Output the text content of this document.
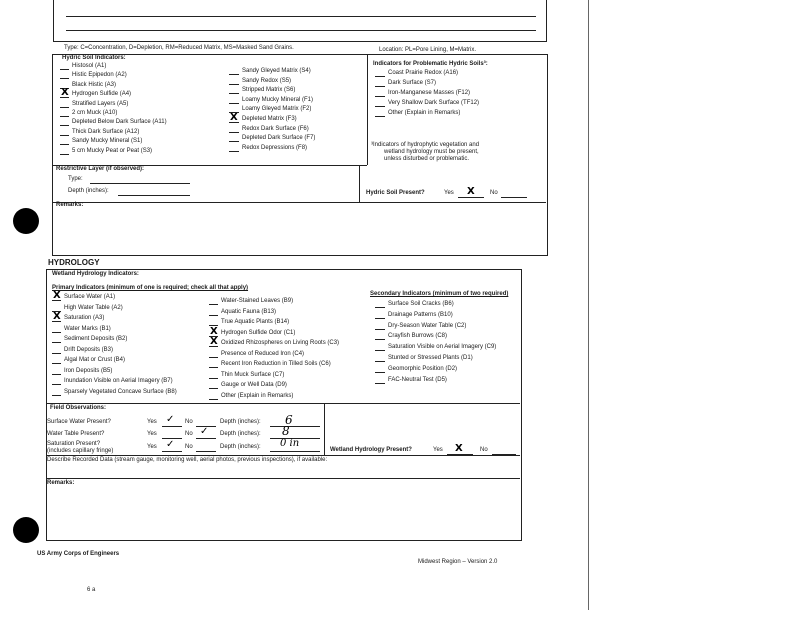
Type: C=Concentration, D=Depletion, RM=Reduced Matrix, MS=Masked Sand Grains.	Location: PL=Pore Lining, M=Matrix.
Hydric Soil Indicators:
Indicators for Problematic Hydric Soils³:
Histosol (A1)
Histic Epipedon (A2)
Black Histic (A3)
X Hydrogen Sulfide (A4)
Stratified Layers (A5)
2 cm Muck (A10)
Depleted Below Dark Surface (A11)
Thick Dark Surface (A12)
Sandy Mucky Mineral (S1)
5 cm Mucky Peat or Peat (S3)
Sandy Gleyed Matrix (S4)
Sandy Redox (S5)
Stripped Matrix (S6)
Loamy Mucky Mineral (F1)
Loamy Gleyed Matrix (F2)
X Depleted Matrix (F3)
Redox Dark Surface (F6)
Depleted Dark Surface (F7)
Redox Depressions (F8)
Coast Prairie Redox (A16)
Dark Surface (S7)
Iron-Manganese Masses (F12)
Very Shallow Dark Surface (TF12)
Other (Explain in Remarks)
³Indicators of hydrophytic vegetation and
wetland hydrology must be present,
unless disturbed or problematic.
Restrictive Layer (if observed):
Type:
Depth (inches):	Hydric Soil Present?	Yes X	No
Remarks:
HYDROLOGY
Wetland Hydrology Indicators:
Primary Indicators (minimum of one is required; check all that apply)
Secondary Indicators (minimum of two required)
X Surface Water (A1)
High Water Table (A2)
X Saturation (A3)
Water Marks (B1)
Sediment Deposits (B2)
Drift Deposits (B3)
Algal Mat or Crust (B4)
Iron Deposits (B5)
Inundation Visible on Aerial Imagery (B7)
Sparsely Vegetated Concave Surface (B8)
Water-Stained Leaves (B9)
Aquatic Fauna (B13)
True Aquatic Plants (B14)
X Hydrogen Sulfide Odor (C1)
X Oxidized Rhizospheres on Living Roots (C3)
Presence of Reduced Iron (C4)
Recent Iron Reduction in Tilled Soils (C6)
Thin Muck Surface (C7)
Gauge or Well Data (D9)
Other (Explain in Remarks)
Surface Soil Cracks (B6)
Drainage Patterns (B10)
Dry-Season Water Table (C2)
Crayfish Burrows (C8)
Saturation Visible on Aerial Imagery (C9)
Stunted or Stressed Plants (D1)
Geomorphic Position (D2)
FAC-Neutral Test (D5)
Field Observations:
Surface Water Present?	Yes ✓ No	Depth (inches): 6
Water Table Present?	Yes	No ✓ Depth (inches): 8
Saturation Present?
(includes capillary fringe)
Yes ✓ No	Depth (inches): 0 in
Wetland Hydrology Present?	Yes X	No
Describe Recorded Data (stream gauge, monitoring well, aerial photos, previous inspections), if available:
Remarks:
US Army Corps of Engineers
Midwest Region – Version 2.0
6 a
